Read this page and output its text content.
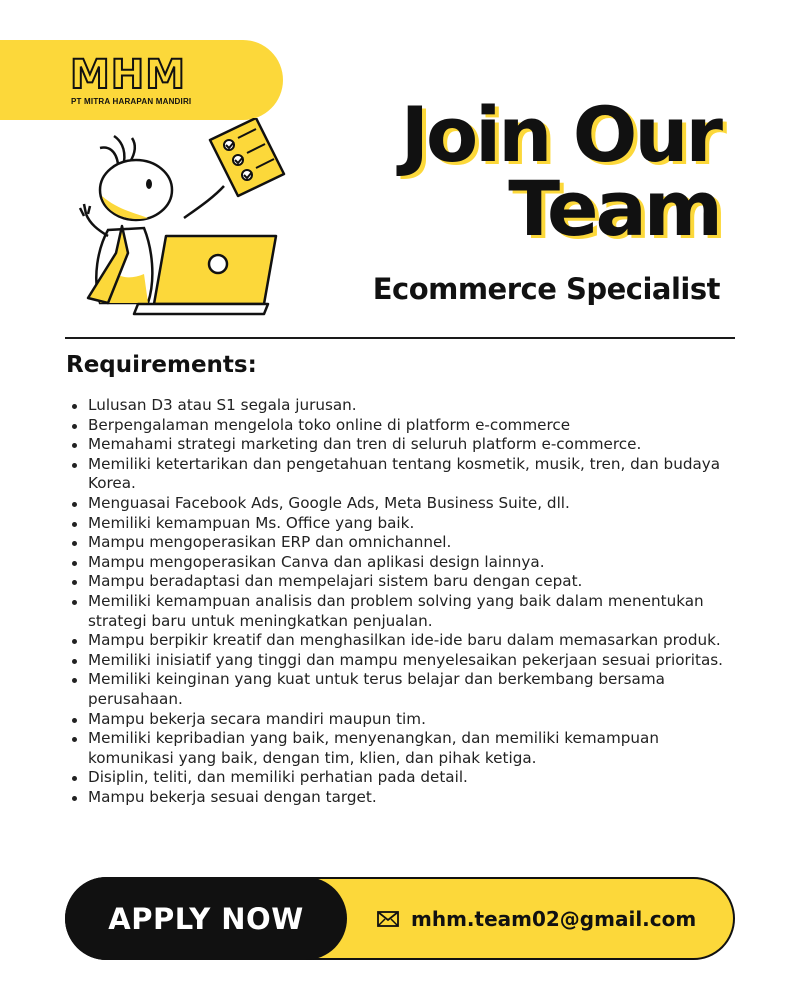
MHM
PT MITRA HARAPAN MANDIRI	Join Our
Team
Ecommerce Specialist
Requirements:
Lulusan D3 atau S1 segala jurusan.
Berpengalaman mengelola toko online di platform e-commerce
Memahami strategi marketing dan tren di seluruh platform e-commerce.
Memiliki ketertarikan dan pengetahuan tentang kosmetik, musik, tren, dan budaya Korea.
Menguasai Facebook Ads, Google Ads, Meta Business Suite, dll.
Memiliki kemampuan Ms. Office yang baik.
Mampu mengoperasikan ERP dan omnichannel.
Mampu mengoperasikan Canva dan aplikasi design lainnya.
Mampu beradaptasi dan mempelajari sistem baru dengan cepat.
Memiliki kemampuan analisis dan problem solving yang baik dalam menentukan strategi baru untuk meningkatkan penjualan.
Mampu berpikir kreatif dan menghasilkan ide-ide baru dalam memasarkan produk.
Memiliki inisiatif yang tinggi dan mampu menyelesaikan pekerjaan sesuai prioritas.
Memiliki keinginan yang kuat untuk terus belajar dan berkembang bersama perusahaan.
Mampu bekerja secara mandiri maupun tim.
Memiliki kepribadian yang baik, menyenangkan, dan memiliki kemampuan komunikasi yang baik, dengan tim, klien, dan pihak ketiga.
Disiplin, teliti, dan memiliki perhatian pada detail.
Mampu bekerja sesuai dengan target.
APPLY NOW	mhm.team02@gmail.com
